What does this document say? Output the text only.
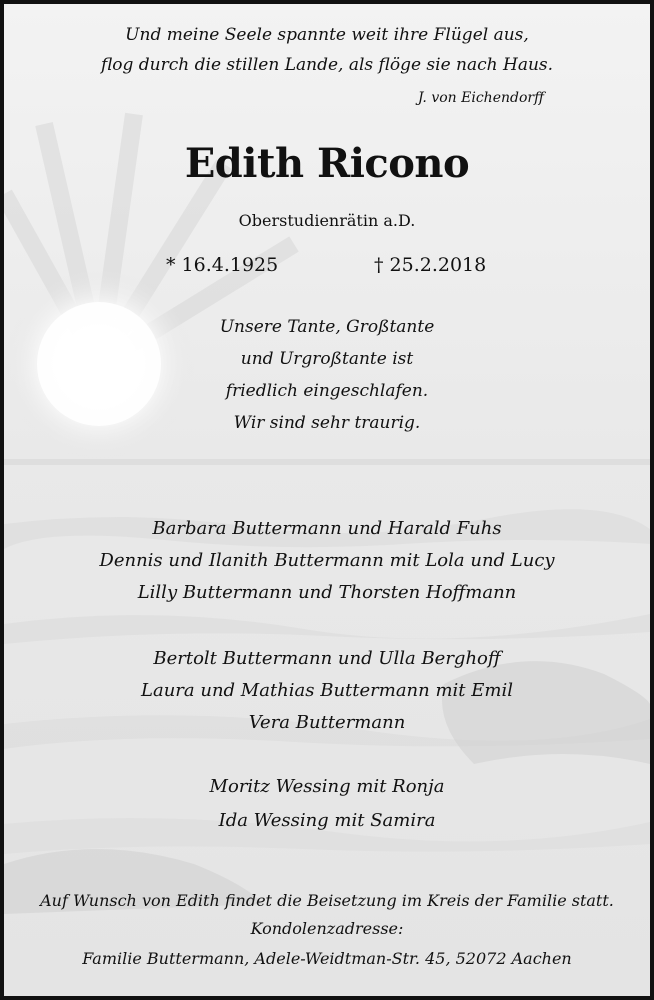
Und meine Seele spannte weit ihre Flügel aus,
flog durch die stillen Lande, als flöge sie nach Haus.
J. von Eichendorff
Edith Ricono
Oberstudienrätin a.D.
* 16.4.1925	† 25.2.2018
Unsere Tante, Großtante
und Urgroßtante ist
friedlich eingeschlafen.
Wir sind sehr traurig.
Barbara Buttermann und Harald Fuhs
Dennis und Ilanith Buttermann mit Lola und Lucy
Lilly Buttermann und Thorsten Hoffmann
Bertolt Buttermann und Ulla Berghoff
Laura und Mathias Buttermann mit Emil
Vera Buttermann
Moritz Wessing mit Ronja
Ida Wessing mit Samira
Auf Wunsch von Edith findet die Beisetzung im Kreis der Familie statt.
Kondolenzadresse:
Familie Buttermann, Adele-Weidtman-Str. 45, 52072 Aachen
